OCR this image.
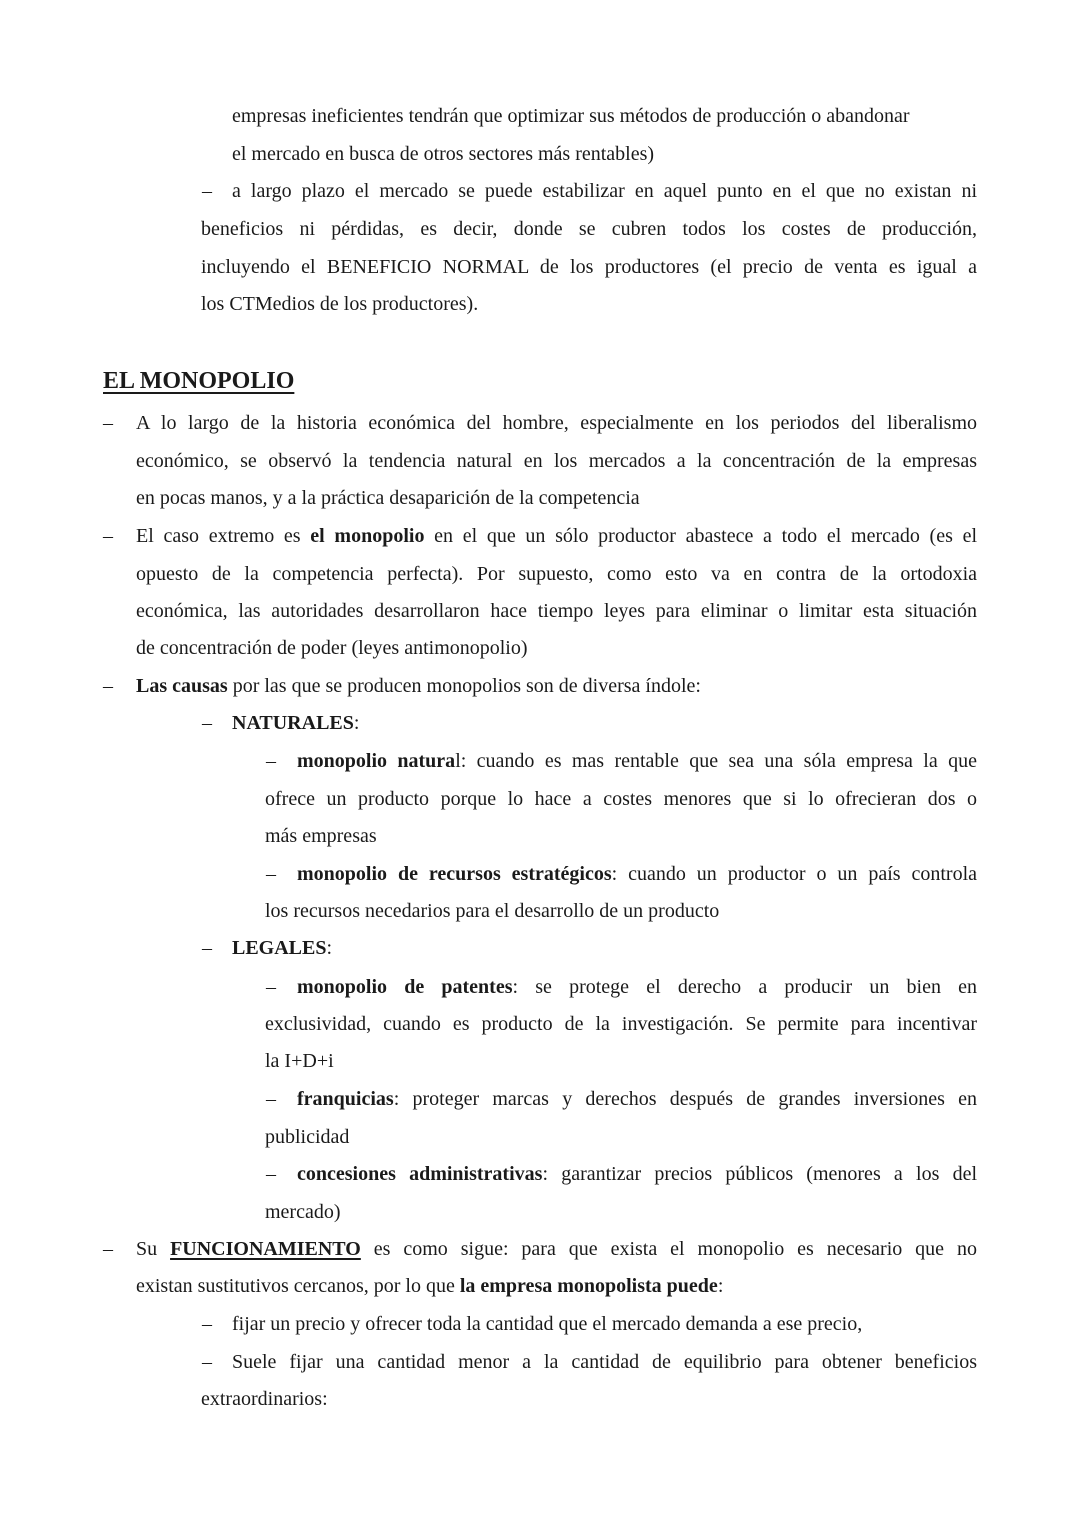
empresas ineficientes tendrán que optimizar sus métodos de producción o abandonar
el mercado en busca de otros sectores más rentables)
– a largo plazo el mercado se puede estabilizar en aquel punto en el que no existan ni
beneficios ni pérdidas, es decir, donde se cubren todos los costes de producción,
incluyendo el BENEFICIO NORMAL de los productores (el precio de venta es igual a
los CTMedios de los productores).
EL MONOPOLIO
– A lo largo de la historia económica del hombre, especialmente en los periodos del liberalismo
económico, se observó la tendencia natural en los mercados a la concentración de la empresas
en pocas manos, y a la práctica desaparición de la competencia
– El caso extremo es el monopolio en el que un sólo productor abastece a todo el mercado (es el
opuesto de la competencia perfecta). Por supuesto, como esto va en contra de la ortodoxia
económica, las autoridades desarrollaron hace tiempo leyes para eliminar o limitar esta situación
de concentración de poder (leyes antimonopolio)
– Las causas por las que se producen monopolios son de diversa índole:
– NATURALES:
– monopolio natural: cuando es mas rentable que sea una sóla empresa la que
ofrece un producto porque lo hace a costes menores que si lo ofrecieran dos o
más empresas
– monopolio de recursos estratégicos: cuando un productor o un país controla
los recursos necedarios para el desarrollo de un producto
– LEGALES:
– monopolio de patentes: se protege el derecho a producir un bien en
exclusividad, cuando es producto de la investigación. Se permite para incentivar
la I+D+i
– franquicias: proteger marcas y derechos después de grandes inversiones en
publicidad
– concesiones administrativas: garantizar precios públicos (menores a los del
mercado)
– Su FUNCIONAMIENTO es como sigue: para que exista el monopolio es necesario que no
existan sustitutivos cercanos, por lo que la empresa monopolista puede:
– fijar un precio y ofrecer toda la cantidad que el mercado demanda a ese precio,
– Suele fijar una cantidad menor a la cantidad de equilibrio para obtener beneficios
extraordinarios:
